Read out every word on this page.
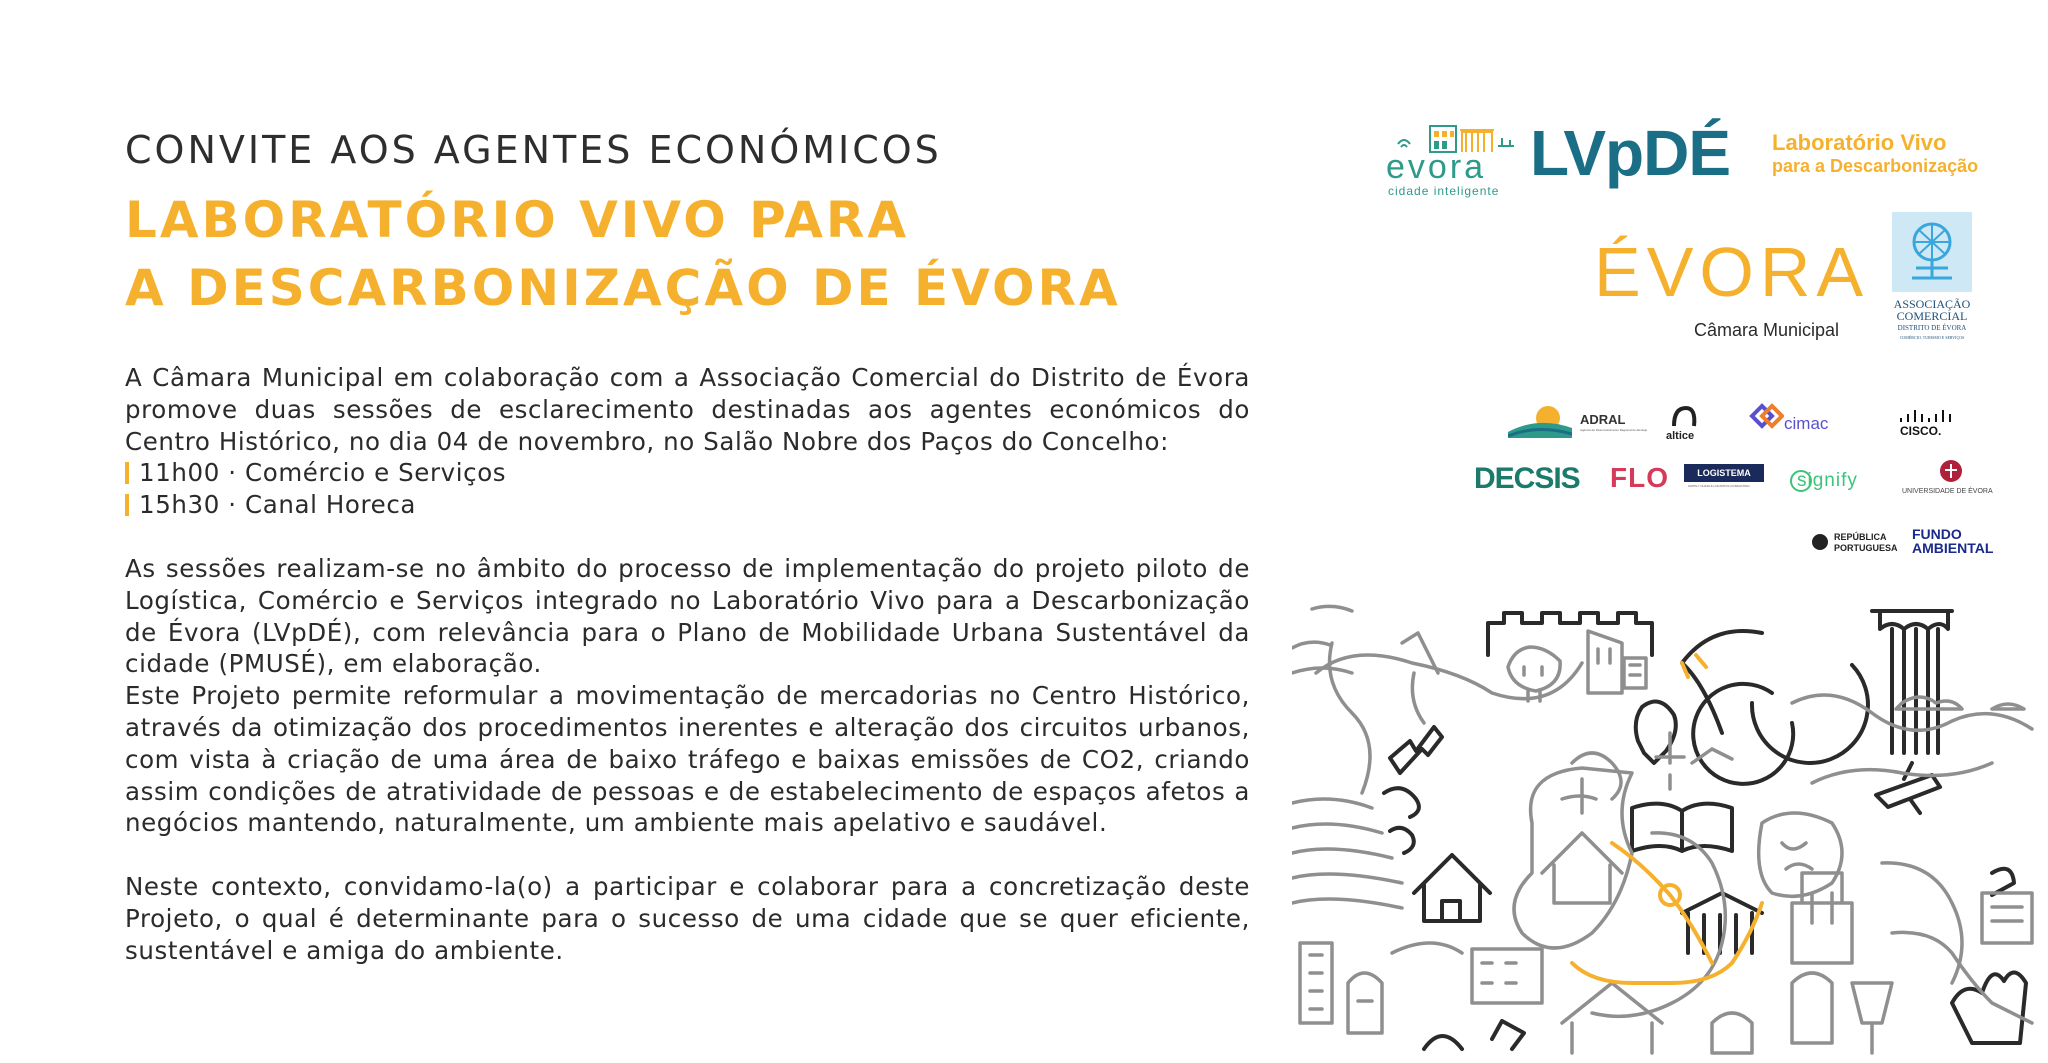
CONVITE AOS AGENTES ECONÓMICOS
LABORATÓRIO VIVO PARA
A DESCARBONIZAÇÃO DE ÉVORA

A Câmara Municipal em colaboração com a Associação Comercial do Distrito de Évora promove duas sessões de esclarecimento destinadas aos agentes económicos do Centro Histórico, no dia 04 de novembro, no Salão Nobre dos Paços do Concelho:

11h00 · Comércio e Serviços
15h30 · Canal Horeca

As sessões realizam-se no âmbito do processo de implementação do projeto piloto de Logística, Comércio e Serviços integrado no Laboratório Vivo para a Descarbonização de Évora (LVpDÉ), com relevância para o Plano de Mobilidade Urbana Sustentável da cidade (PMUSÉ), em elaboração.

Este Projeto permite reformular a movimentação de mercadorias no Centro Histórico, através da otimização dos procedimentos inerentes e alteração dos circuitos urbanos, com vista à criação de uma área de baixo tráfego e baixas emissões de CO2, criando assim condições de atratividade de pessoas e de estabelecimento de espaços afetos a negócios mantendo, naturalmente, um ambiente mais apelativo e saudável.

Neste contexto, convidamo-la(o) a participar e colaborar para a concretização deste Projeto, o qual é determinante para o sucesso de uma cidade que se quer eficiente, sustentável e amiga do ambiente.

evora
cidade inteligente
LVpDÉ Laboratório Vivo
para a Descarbonização
ÉVORA
Câmara Municipal
ASSOCIAÇÃO
COMERCIAL
DISTRITO DE ÉVORA
COMÉRCIO, TURISMO E SERVIÇOS
ADRAL
Agência de Desenvolvimento Regional do Alentejo	altice
cimac	CISCO.
DECSIS FLO	LOGISTEMA
SUPPLY CHAIN & LOGISTICS CONSULTING	signify
UNIVERSIDADE DE ÉVORA
REPÚBLICA
PORTUGUESA
FUNDO
AMBIENTAL
